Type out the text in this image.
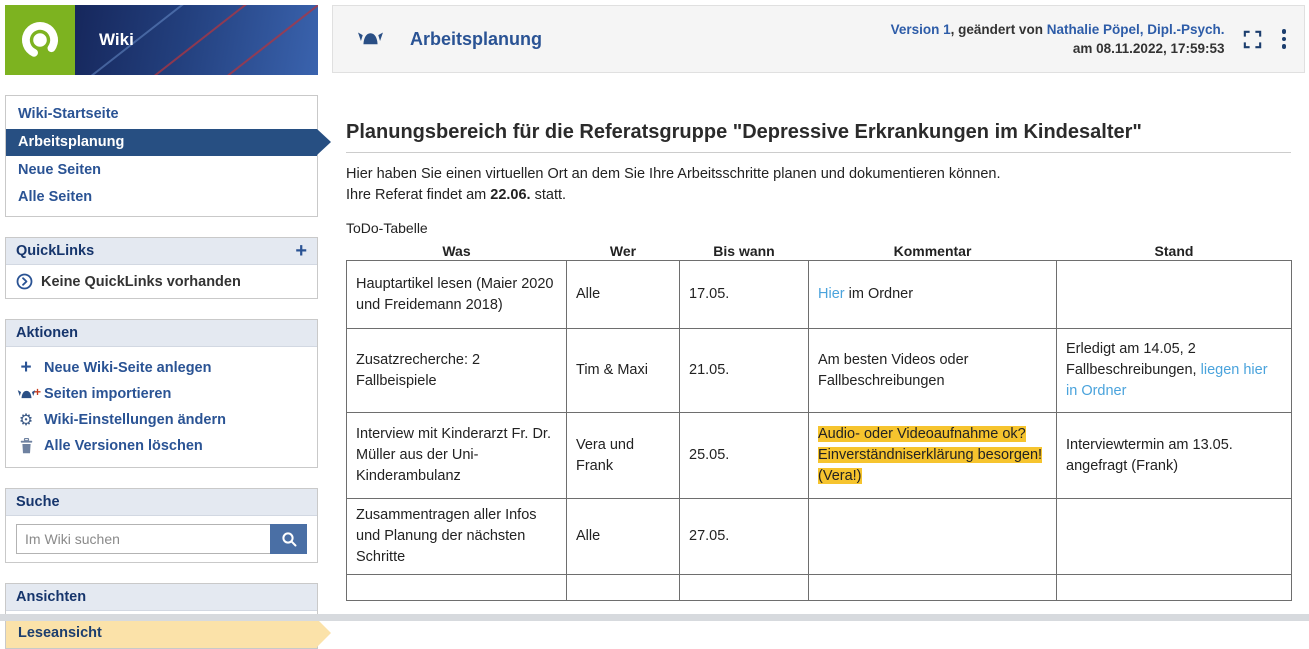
Wiki
Wiki-Startseite
Arbeitsplanung
Neue Seiten
Alle Seiten
QuickLinks	+
Keine QuickLinks vorhanden
Aktionen
+ Neue Wiki-Seite anlegen
+ Seiten importieren
⚙ Wiki-Einstellungen ändern
Alle Versionen löschen
Suche
Im Wiki suchen
Ansichten
Leseansicht
Arbeitsplanung	Version 1, geändert von Nathalie Pöpel, Dipl.-Psych.
am 08.11.2022, 17:59:53
Planungsbereich für die Referatsgruppe "Depressive Erkrankungen im Kindesalter"
Hier haben Sie einen virtuellen Ort an dem Sie Ihre Arbeitsschritte planen und dokumentieren können.
Ihre Referat findet am 22.06. statt.
ToDo-Tabelle
Was	Wer	Bis wann	Kommentar	Stand
Hauptartikel lesen (Maier 2020 und Freidemann 2018)	Alle	17.05.	Hier im Ordner	
Zusatzrecherche: 2 Fallbeispiele	Tim & Maxi	21.05.	Am besten Videos oder Fallbeschreibungen	Erledigt am 14.05, 2 Fallbeschreibungen, liegen hier in Ordner
Interview mit Kinderarzt Fr. Dr. Müller aus der Uni-Kinderambulanz	Vera und Frank	25.05.	Audio- oder Videoaufnahme ok? Einverständniserklärung besorgen! (Vera!)	Interviewtermin am 13.05. angefragt (Frank)
Zusammentragen aller Infos und Planung der nächsten Schritte	Alle	27.05.		
